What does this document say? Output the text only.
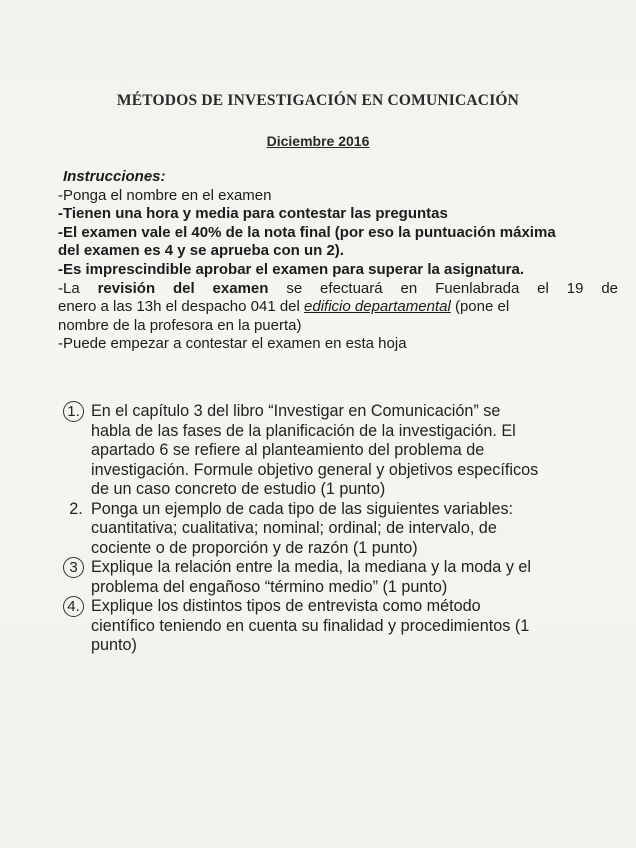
MÉTODOS DE INVESTIGACIÓN EN COMUNICACIÓN
Diciembre 2016
Instrucciones:
-Ponga el nombre en el examen
-Tienen una hora y media para contestar las preguntas
-El examen vale el 40% de la nota final (por eso la puntuación máxima
del examen es 4 y se aprueba con un 2).
-Es imprescindible aprobar el examen para superar la asignatura.
-La revisión del examen se efectuará en Fuenlabrada el 19 de
enero a las 13h el despacho 041 del edificio departamental (pone el
nombre de la profesora en la puerta)
-Puede empezar a contestar el examen en esta hoja
1. En el capítulo 3 del libro “Investigar en Comunicación” se
habla de las fases de la planificación de la investigación. El
apartado 6 se refiere al planteamiento del problema de
investigación. Formule objetivo general y objetivos específicos
de un caso concreto de estudio (1 punto)
2. Ponga un ejemplo de cada tipo de las siguientes variables:
cuantitativa; cualitativa; nominal; ordinal; de intervalo, de
cociente o de proporción y de razón (1 punto)
3 Explique la relación entre la media, la mediana y la moda y el
problema del engañoso “término medio” (1 punto)
4. Explique los distintos tipos de entrevista como método
científico teniendo en cuenta su finalidad y procedimientos (1
punto)
